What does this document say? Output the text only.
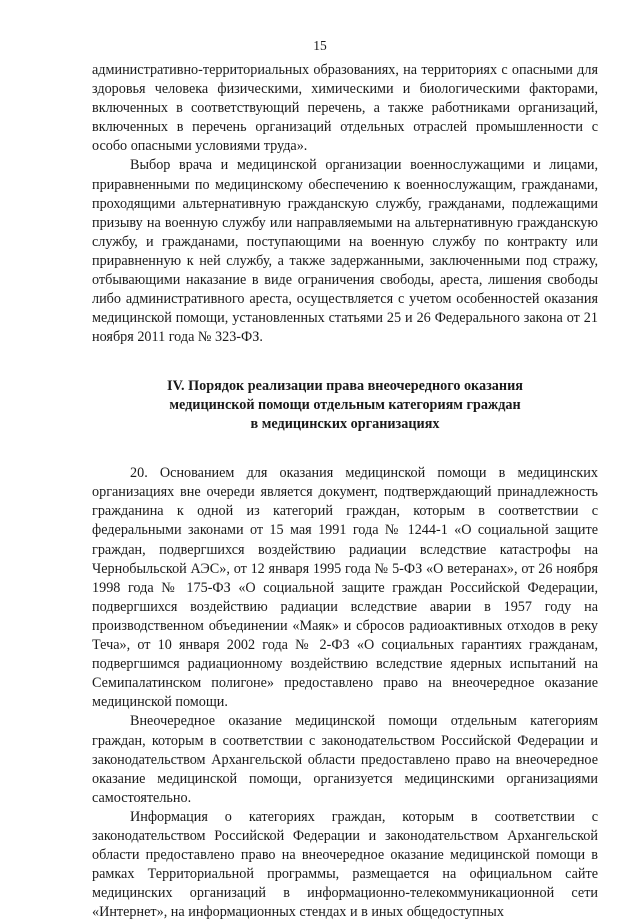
15

административно-территориальных образованиях, на территориях с опасными для здоровья человека физическими, химическими и биологическими факторами, включенных в соответствующий перечень, а также работниками организаций, включенных в перечень организаций отдельных отраслей промышленности с особо опасными условиями труда».

Выбор врача и медицинской организации военнослужащими и лицами, приравненными по медицинскому обеспечению к военнослужащим, гражданами, проходящими альтернативную гражданскую службу, гражданами, подлежащими призыву на военную службу или направляемыми на альтернативную гражданскую службу, и гражданами, поступающими на военную службу по контракту или приравненную к ней службу, а также задержанными, заключенными под стражу, отбывающими наказание в виде ограничения свободы, ареста, лишения свободы либо административного ареста, осуществляется с учетом особенностей оказания медицинской помощи, установленных статьями 25 и 26 Федерального закона от 21 ноября 2011 года № 323-ФЗ.

IV. Порядок реализации права внеочередного оказания
медицинской помощи отдельным категориям граждан
в медицинских организациях

20. Основанием для оказания медицинской помощи в медицинских организациях вне очереди является документ, подтверждающий принадлежность гражданина к одной из категорий граждан, которым в соответствии с федеральными законами от 15 мая 1991 года № 1244-1 «О социальной защите граждан, подвергшихся воздействию радиации вследствие катастрофы на Чернобыльской АЭС», от 12 января 1995 года № 5-ФЗ «О ветеранах», от 26 ноября 1998 года № 175-ФЗ «О социальной защите граждан Российской Федерации, подвергшихся воздействию радиации вследствие аварии в 1957 году на производственном объединении «Маяк» и сбросов радиоактивных отходов в реку Теча», от 10 января 2002 года № 2-ФЗ «О социальных гарантиях гражданам, подвергшимся радиационному воздействию вследствие ядерных испытаний на Семипалатинском полигоне» предоставлено право на внеочередное оказание медицинской помощи.

Внеочередное оказание медицинской помощи отдельным категориям граждан, которым в соответствии с законодательством Российской Федерации и законодательством Архангельской области предоставлено право на внеочередное оказание медицинской помощи, организуется медицинскими организациями самостоятельно.

Информация о категориях граждан, которым в соответствии с законодательством Российской Федерации и законодательством Архангельской области предоставлено право на внеочередное оказание медицинской помощи в рамках Территориальной программы, размещается на официальном сайте медицинских организаций в информационно-телекоммуникационной сети «Интернет», на информационных стендах и в иных общедоступных
